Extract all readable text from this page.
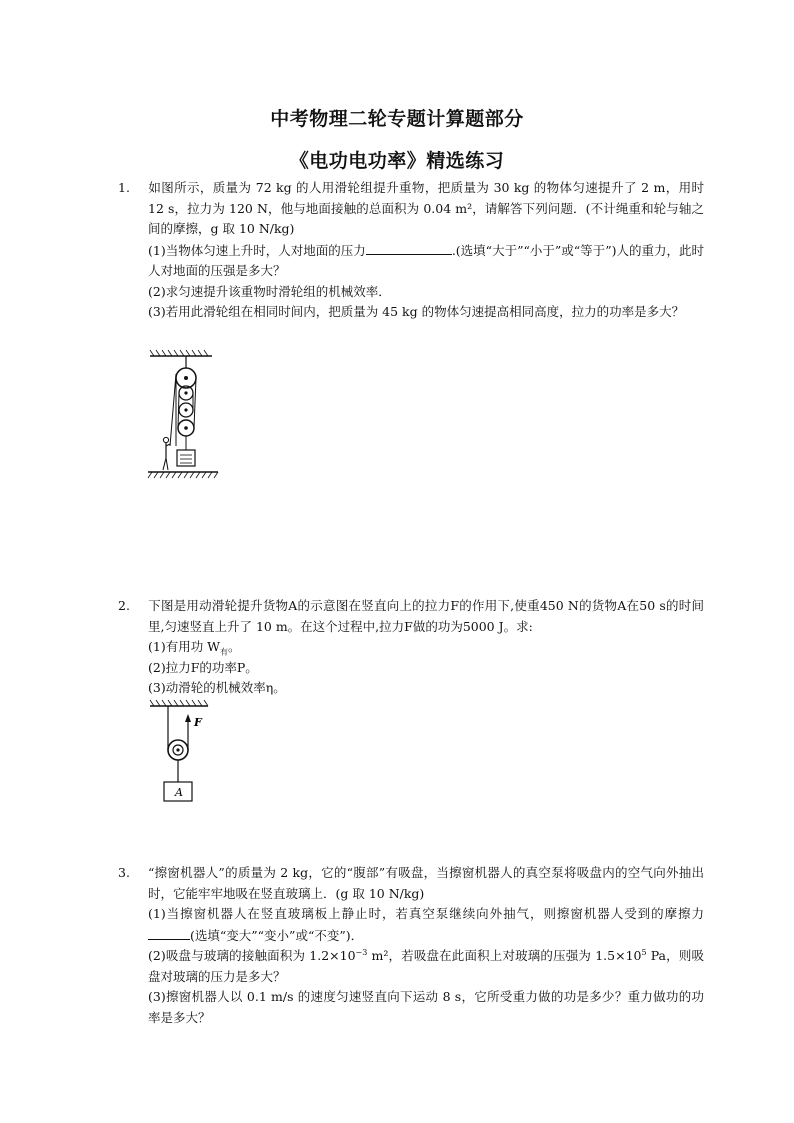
中考物理二轮专题计算题部分
《电功电功率》精选练习

1. 如图所示，质量为 72 kg 的人用滑轮组提升重物，把质量为 30 kg 的物体匀速提升了 2 m，用时 12 s，拉力为 120 N，他与地面接触的总面积为 0.04 m²，请解答下列问题．(不计绳重和轮与轴之间的摩擦，g 取 10 N/kg)

(1)当物体匀速上升时，人对地面的压力	.(选填“大于”“小于”或“等于”)人的重力，此时人对地面的压强是多大？

(2)求匀速提升该重物时滑轮组的机械效率．

(3)若用此滑轮组在相同时间内，把质量为 45 kg 的物体匀速提高相同高度，拉力的功率是多大？

2. 下图是用动滑轮提升货物A的示意图在竖直向上的拉力F的作用下,使重450 N的货物A在50 s的时间里,匀速竖直上升了 10 m。在这个过程中,拉力F做的功为5000 J。求:

(1)有用功 $W_有$。

(2)拉力F的功率P。

(3)动滑轮的机械效率η。

F
A

3. “擦窗机器人”的质量为 2 kg，它的“腹部”有吸盘，当擦窗机器人的真空泵将吸盘内的空气向外抽出时，它能牢牢地吸在竖直玻璃上．(g 取 10 N/kg)

(1)当擦窗机器人在竖直玻璃板上静止时，若真空泵继续向外抽气，则擦窗机器人受到的摩擦力(选填“变大”“变小”或“不变”)．

(2)吸盘与玻璃的接触面积为 $1.2\times 10^{-3}$ m²，若吸盘在此面积上对玻璃的压强为 $1.5\times 10^5$ Pa，则吸盘对玻璃的压力是多大？

(3)擦窗机器人以 0.1 m/s 的速度匀速竖直向下运动 8 s，它所受重力做的功是多少？重力做功的功率是多大？
